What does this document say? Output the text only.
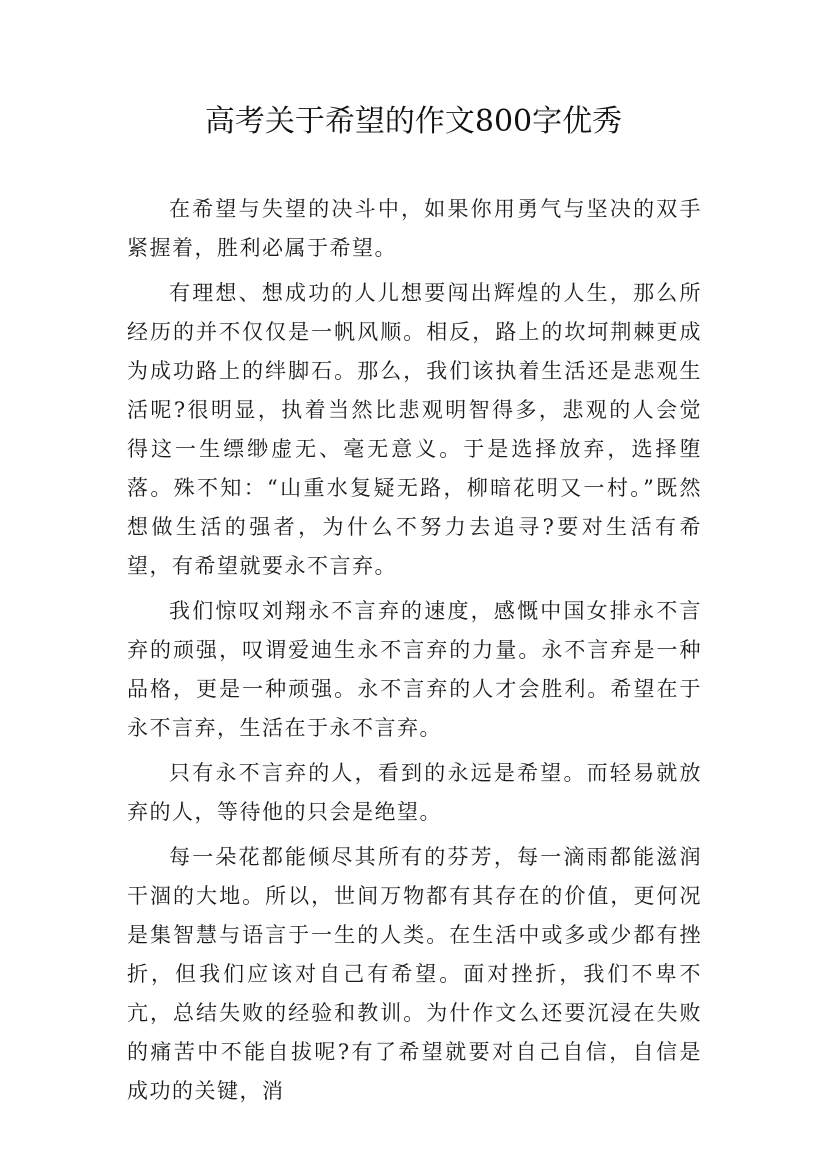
高考关于希望的作文800字优秀

在希望与失望的决斗中，如果你用勇气与坚决的双手紧握着，胜利必属于希望。

有理想、想成功的人儿想要闯出辉煌的人生，那么所经历的并不仅仅是一帆风顺。相反，路上的坎坷荆棘更成为成功路上的绊脚石。那么，我们该执着生活还是悲观生活呢?很明显，执着当然比悲观明智得多，悲观的人会觉得这一生缥缈虚无、毫无意义。于是选择放弃，选择堕落。殊不知：“山重水复疑无路，柳暗花明又一村。”既然想做生活的强者，为什么不努力去追寻?要对生活有希望，有希望就要永不言弃。

我们惊叹刘翔永不言弃的速度，感慨中国女排永不言弃的顽强，叹谓爱迪生永不言弃的力量。永不言弃是一种品格，更是一种顽强。永不言弃的人才会胜利。希望在于永不言弃，生活在于永不言弃。

只有永不言弃的人，看到的永远是希望。而轻易就放弃的人，等待他的只会是绝望。

每一朵花都能倾尽其所有的芬芳，每一滴雨都能滋润干涸的大地。所以，世间万物都有其存在的价值，更何况是集智慧与语言于一生的人类。在生活中或多或少都有挫折，但我们应该对自己有希望。面对挫折，我们不卑不亢，总结失败的经验和教训。为什作文么还要沉浸在失败的痛苦中不能自拔呢?有了希望就要对自己自信，自信是成功的关键，消
